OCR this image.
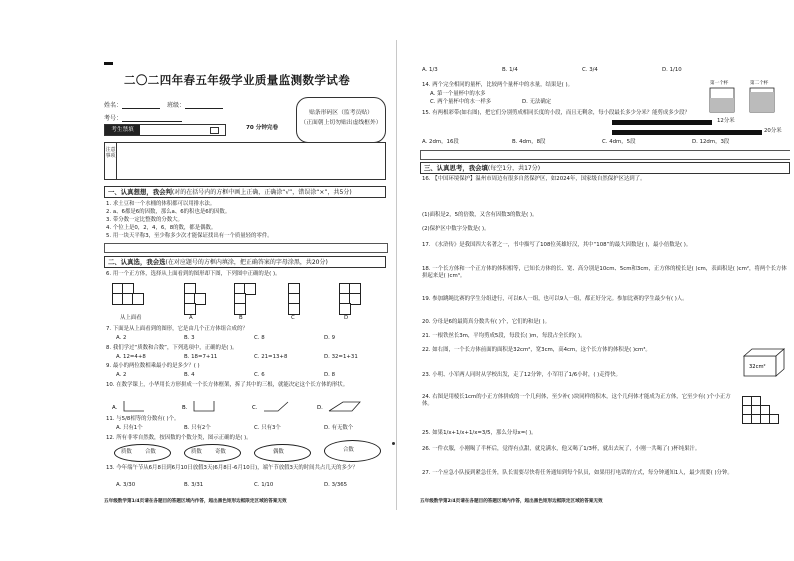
二〇二四年春五年级学业质量监测数学试卷
姓名：	班级：
考号：
贴条形码区（监考员贴）
（正面朝上切勿贴出虚线框外）
考生禁填	70 分钟完卷
注意事项
一、认真想想，我会判(对的在括号内的方框中画上正确，正确涂“√”，错误涂“×”，共5分)
1. 求土豆和一个水桶的体积都可以用排水法。
2. a、6都是6的因数，那么a、6的积也是6的因数。
3. 带分数一定比整数的分数大。
4. 个位上是0，2，4，6，8的数，都是偶数。
5. 用一块天平称3，至少称多少次才能保证找出有一个质量轻的零件。
二、认真选，我会选(在对应题号的方框内填涂，把正确答案的字母涂黑，共20分)
6. 用一个正方体，选择从上面看到的图形却下图，下列图中正确的是( )。
从上面看	A	B	C	D
7. 下面是从上面看到的图形，它是由几个正方体组合成的？
A. 2	B. 3	C. 8	D. 9
8. 我们学过“质数和合数”，下列选项中，正确的是( )。
A. 12=4+8	B. 18=7+11	C. 21=13+8	D. 32=1+31
9. 最小的两位数相乘最小的是多少？( )
A. 2	B. 4	C. 6	D. 8
10. 在数学课上，小华用长方形拼成一个长方体框架，拆了其中的三根，就能决定这个长方体的形状。
A.	B.	C.	D.
11. 与5/8相等的分数有( )个。
A. 只有1个	B. 只有2个	C. 只有3个	D. 有无数个
12. 所有非零自然数，按因数的个数分类，图示正确的是( )。
质数 合数	质数 奇数	偶数	合数
13. 今年端午节从6月8日到6月10日放假3天(6月8日-6月10日)，端午节放假3天的时间共占几天的多少？
A. 3/30	B. 3/31	C. 1/10	D. 3/365
五年级数学第1/4页请在各题目的答题区域内作答，超出黑色矩形边框限定区域的答案无效
A. 1/3	B. 1/4	C. 3/4	D. 1/10
14. 两个完全相同的量杯，比较两个量杯中的水量，结果是( )。
A. 第一个量杯中的水多
C. 两个量杯中的水一样多	D. 无法确定
第一个杯	第二个杯
15. 有两根彩带(如右图)，把它们分别剪成相同长度的小段，而且无剩余，每小段最长多少分米？能剪成多少段？
12分米
20分米
A. 2dm，16段	B. 4dm，8段	C. 4dm，5段	D. 12dm，3段
三、认真思考，我会填(每空1分，共17分)
16. 【中国环境保护】温州市周边有很多自然保护区，如2024年，国家级自然保护区达到了。
(1)面积是2，5的倍数，又含有因数3的数是( )。
(2)保护区中数字分数是( )。
17. 《水浒传》是我国四大名著之一，书中描写了108位英雄好汉，其中“108”的最大因数是( )，最小倍数是( )。
18. 一个长方体和一个正方体的体积相等，已知长方体的长、宽、高分别是10cm、5cm和3cm，正方体的棱长是( )cm，表面积是( )cm²，将两个长方体拼起来是( )cm³。
19. 参加跳绳比赛的学生分组进行，可以6人一组，也可以9人一组，都正好分完。参加比赛的学生最少有( )人。
20. 分母是6的最简真分数共有( )个，它们的和是( )。
21. 一根铁丝长3m，平均剪成5段，每段长( )m，每段占全长的( )。
22. 如右图，一个长方体前面的面积是32cm²，宽3cm，高4cm，这个长方体的体积是( )cm³。
32cm²
23. 小明、小军两人同时从学校出发，走了12分钟，小军用了1/6小时，( )走得快。
24. 右图是用棱长1cm的小正方体拼成的一个几何体，至少补( )块同样的积木，这个几何体才能成为正方体，它至少有( )个小正方体。
25. 如果1/x+1/x+1/x=3/5，那么分母x=( )。
26. 一件衣服，小刚喝了半杯后，觉得有点甜，就兑满水，他又喝了1/3杯，就出去玩了，小刚一共喝了( )杯纯果汁。
27. 一个应急小队接到紧急任务，队长需要尽快将任务通知到每个队员，如果用打电话的方式，每分钟通知1人，最少需要( )分钟。
五年级数学第2/4页请在各题目的答题区域内作答，超出黑色矩形边框限定区域的答案无效
